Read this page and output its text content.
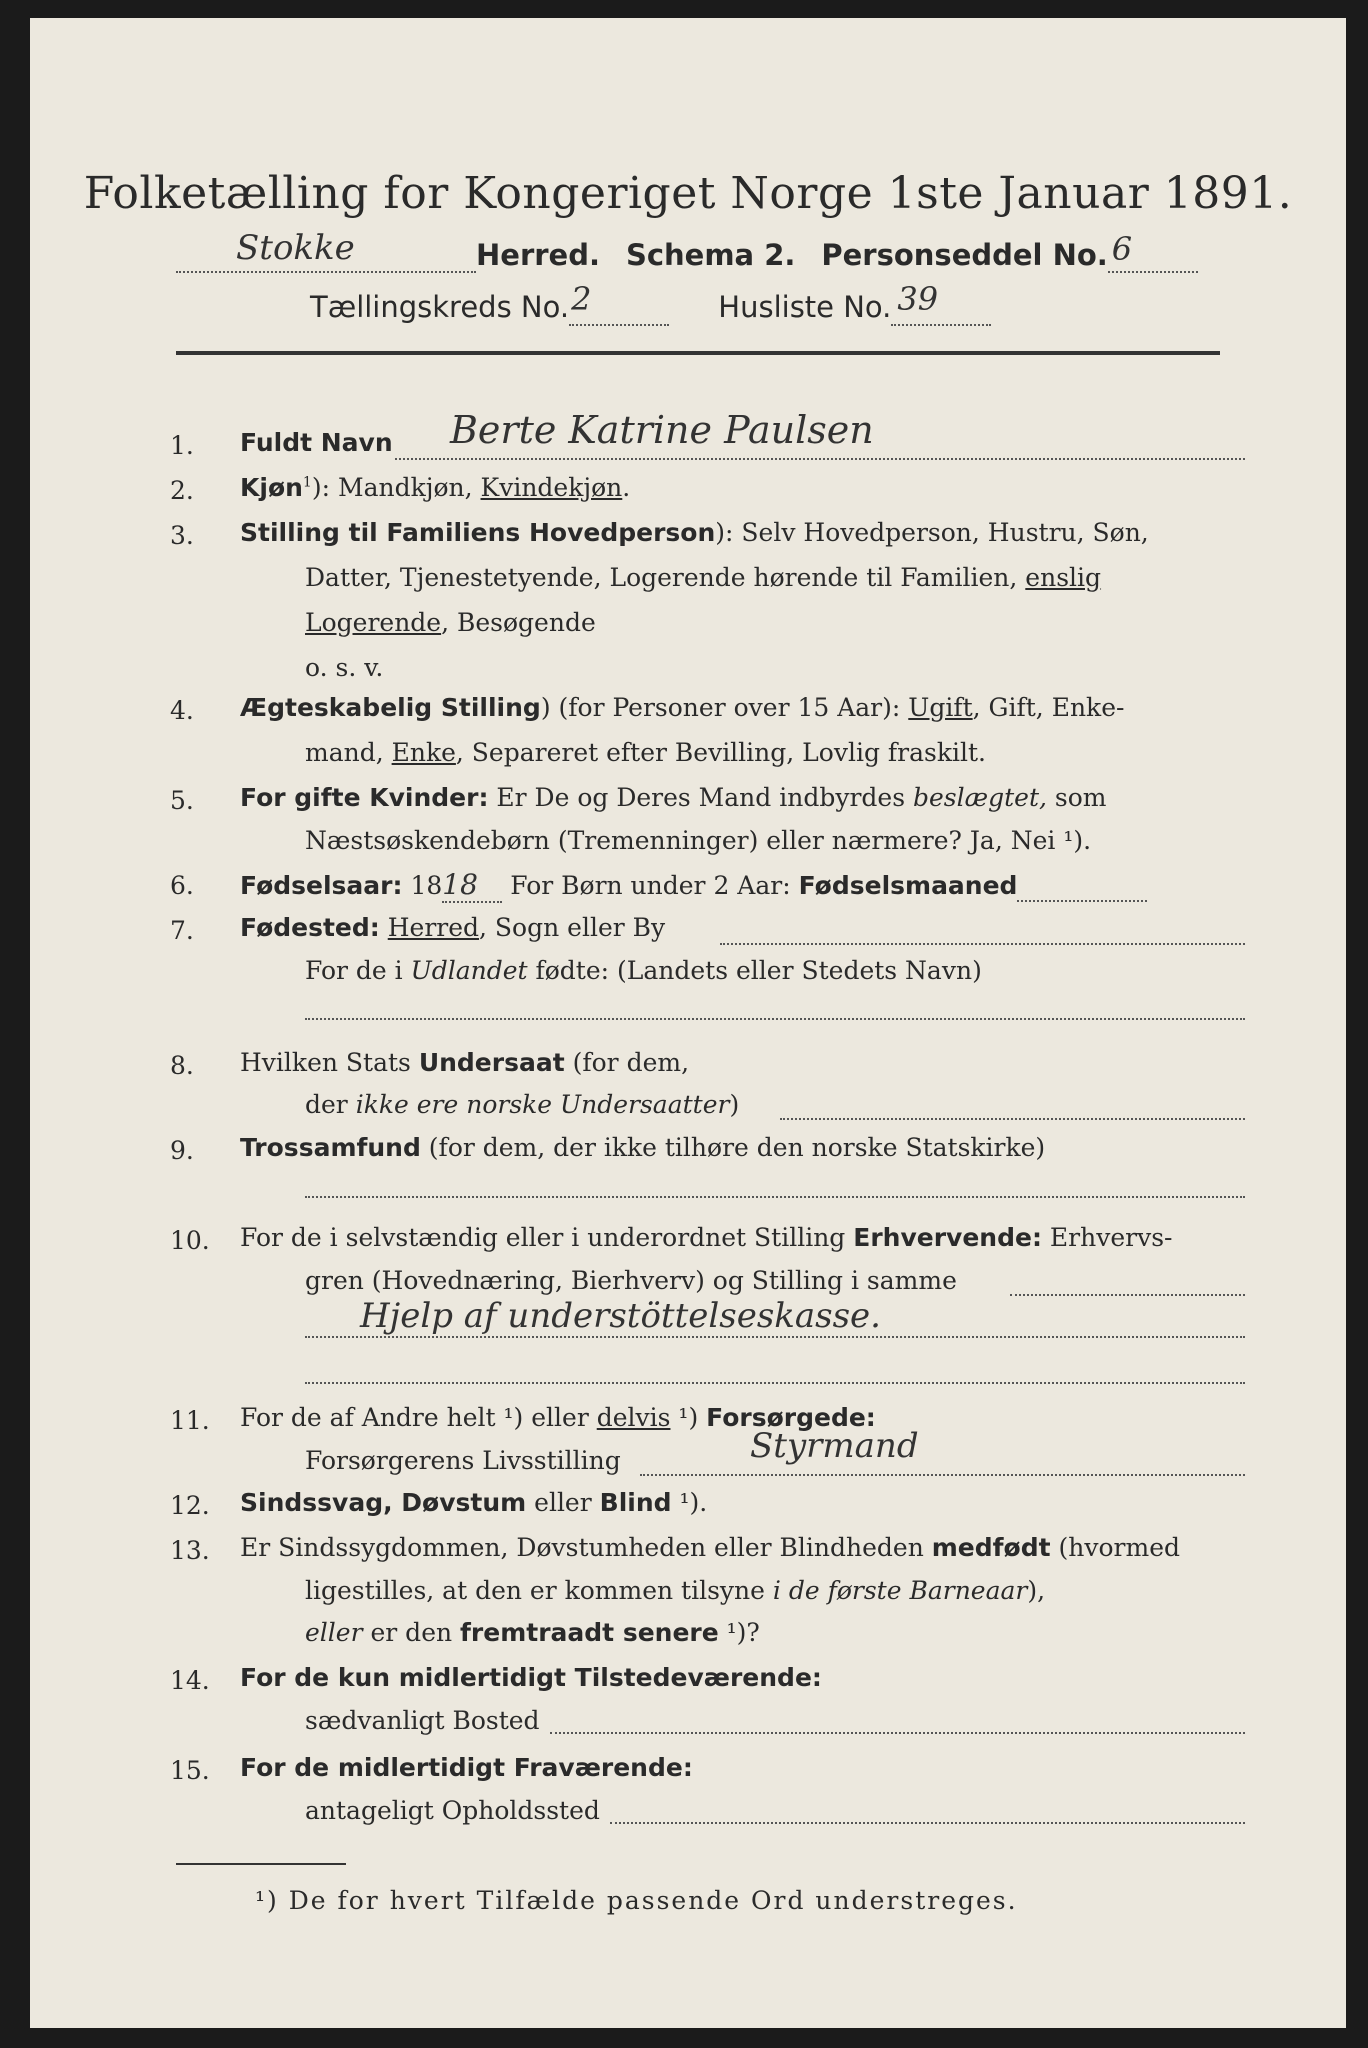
Folketælling for Kongeriget Norge 1ste Januar 1891.
Stokke	Herred. Schema 2. Personseddel No. 6

Tællingskreds No. 2	Husliste No. 39

1. Fuldt Navn Berte Katrine Paulsen
2. Kjøn$^1$): Mandkjøn, Kvindekjøn.
3. Stilling til Familiens Hovedperson): Selv Hovedperson, Hustru, Søn,
Datter, Tjenestetyende, Logerende hørende til Familien, enslig
Logerende, Besøgende
o. s. v.
4. Ægteskabelig Stilling) (for Personer over 15 Aar): Ugift, Gift, Enke-
mand, Enke, Separeret efter Bevilling, Lovlig fraskilt.
5. For gifte Kvinder: Er De og Deres Mand indbyrdes beslægtet, som
Næstsøskendebørn (Tremenninger) eller nærmere? Ja, Nei ¹).
6. Fødselsaar: 1818 For Børn under 2 Aar: Fødselsmaaned
7. Fødested: Herred, Sogn eller By
For de i Udlandet fødte: (Landets eller Stedets Navn)
8. Hvilken Stats Undersaat (for dem,
der ikke ere norske Undersaatter)
9. Trossamfund (for dem, der ikke tilhøre den norske Statskirke)
10. For de i selvstændig eller i underordnet Stilling Erhvervende: Erhvervs-
gren (Hovednæring, Bierhverv) og Stilling i samme
Hjelp af understöttelseskasse.
11. For de af Andre helt ¹) eller delvis ¹) Forsørgede:
Forsørgerens Livsstilling	Styrmand
12. Sindssvag, Døvstum eller Blind ¹).
13. Er Sindssygdommen, Døvstumheden eller Blindheden medfødt (hvormed
ligestilles, at den er kommen tilsyne i de første Barneaar),
eller er den fremtraadt senere ¹)?
14. For de kun midlertidigt Tilstedeværende:
sædvanligt Bosted
15. For de midlertidigt Fraværende:
antageligt Opholdssted
¹) De for hvert Tilfælde passende Ord understreges.
